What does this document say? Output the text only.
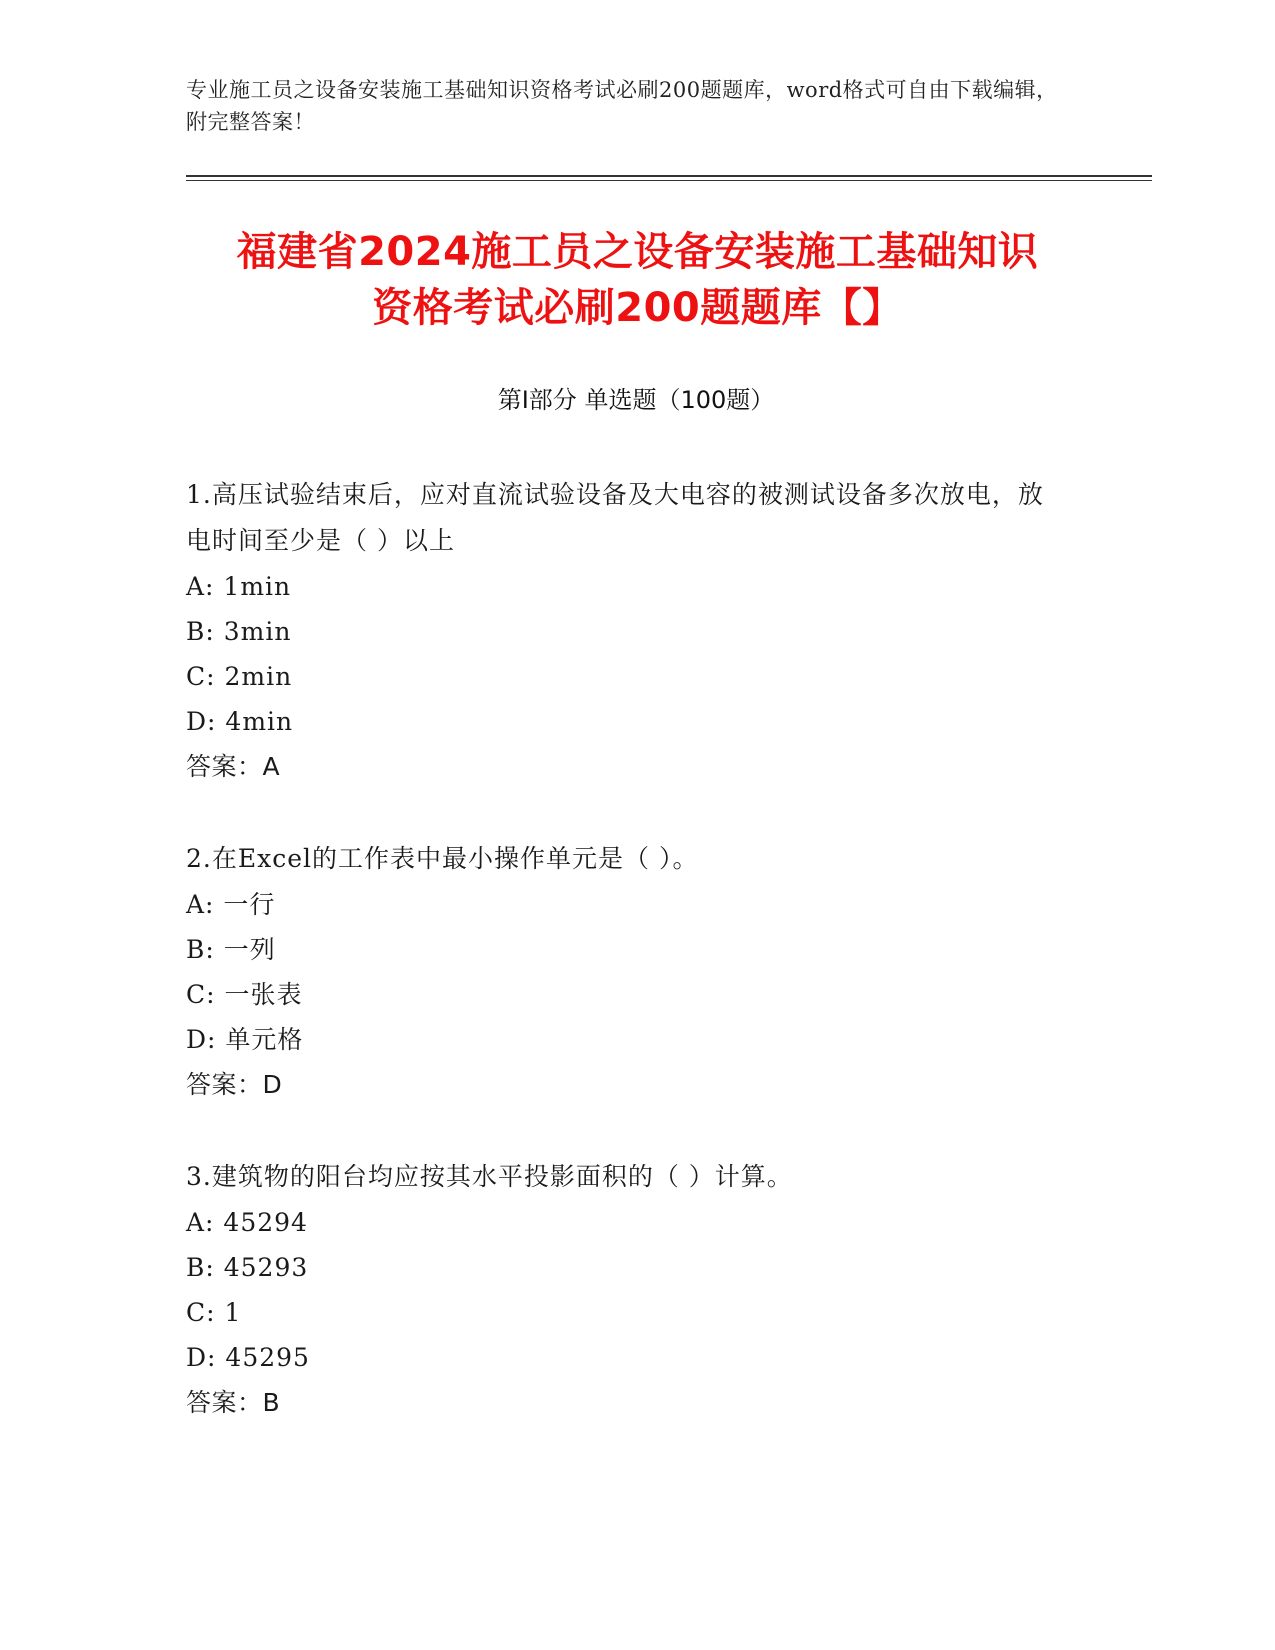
专业施工员之设备安装施工基础知识资格考试必刷200题题库，word格式可自由下载编辑，附完整答案！
福建省2024施工员之设备安装施工基础知识
资格考试必刷200题题库【】
第I部分 单选题（100题）
1.高压试验结束后，应对直流试验设备及大电容的被测试设备多次放电，放电时间至少是（ ）以上
A: 1min
B: 3min
C: 2min
D: 4min
答案：A
2.在Excel的工作表中最小操作单元是（ ）。
A: 一行
B: 一列
C: 一张表
D: 单元格
答案：D
3.建筑物的阳台均应按其水平投影面积的（ ）计算。
A: 45294
B: 45293
C: 1
D: 45295
答案：B
